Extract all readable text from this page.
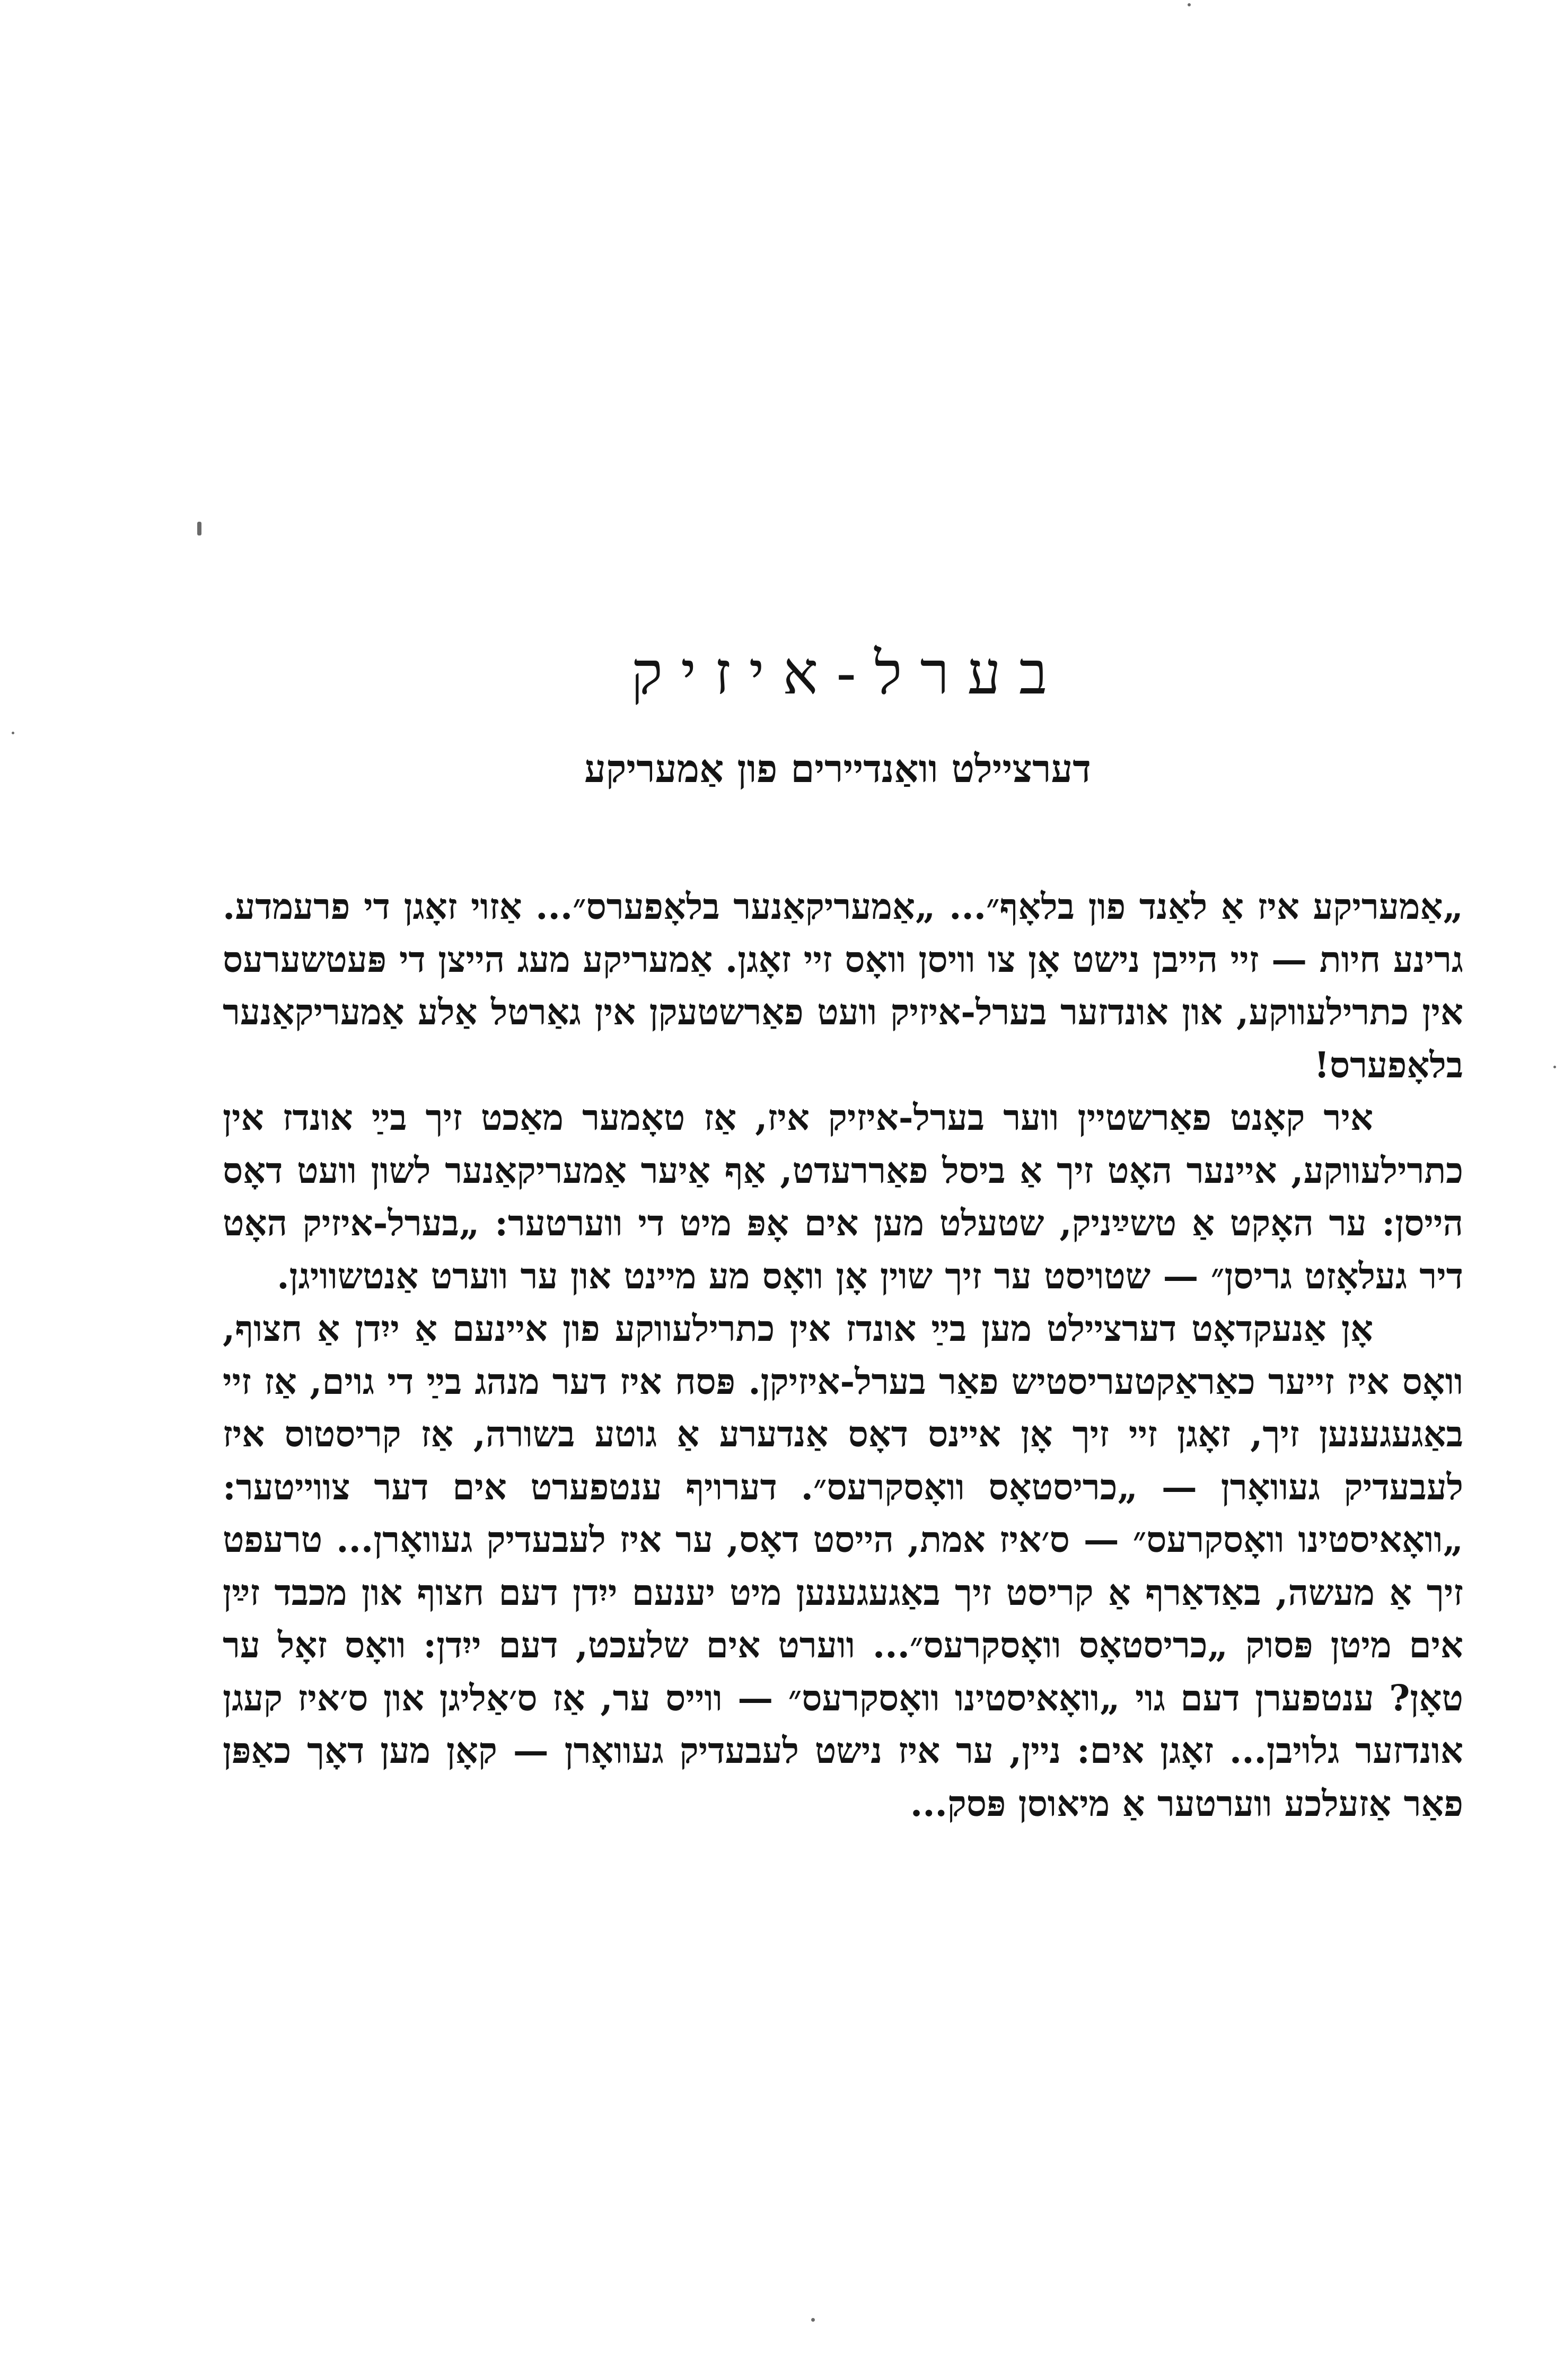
בערל-איזיק
דערציילט וואַנדיירים פון אַמעריקע

„אַמעריקע איז אַ לאַנד פון בלאָף״... „אַמעריקאַנער בלאָפערס״... אַזוי זאָגן די פרעמדע. גרינע חיות — זיי הייבן נישט אָן צו וויסן וואָס זיי זאָגן. אַמעריקע מעג הייצן די פּעטשערעס אין כתרילעווקע, און אונדזער בערל-איזיק וועט פאַרשטעקן אין גאַרטל אַלע אַמעריקאַנער בלאָפערס!

איר קאָנט פאַרשטיין ווער בערל-איזיק איז, אַז טאָמער מאַכט זיך בײַ אונדז אין כתרילעווקע, איינער האָט זיך אַ ביסל פאַררעדט, אַף אַיער אַמעריקאַנער לשון וועט דאָס הייסן: ער האָקט אַ טשײַניק, שטעלט מען אים אָפּ מיט די ווערטער: „בערל-איזיק האָט דיר געלאָזט גריסן״ — שטויסט ער זיך שוין אָן וואָס מע מיינט און ער ווערט אַנטשוויגן.

אָן אַנעקדאָט דערציילט מען בײַ אונדז אין כתרילעווקע פון איינעם אַ ייִדן אַ חצוף, וואָס איז זייער כאַראַקטעריסטיש פאַר בערל-איזיקן. פּסח איז דער מנהג בײַ די גוים, אַז זיי באַגעגענען זיך, זאָגן זיי זיך אָן איינס דאָס אַנדערע אַ גוטע בשורה, אַז קריסטוס איז לעבעדיק געוואָרן — „כריסטאָס וואָסקרעס״. דערויף ענטפערט אים דער צווייטער: „וואָאיסטינו וואָסקרעס״ — ס׳איז אמת, הייסט דאָס, ער איז לעבעדיק געוואָרן... טרעפט זיך אַ מעשה, באַדאַרף אַ קריסט זיך באַגעגענען מיט יענעם ייִדן דעם חצוף און מכבד זײַן אים מיטן פּסוק „כריסטאָס וואָסקרעס״... ווערט אים שלעכט, דעם ייִדן: וואָס זאָל ער טאָן? ענטפערן דעם גוי „וואָאיסטינו וואָסקרעס״ — ווייס ער, אַז ס׳אַליגן און ס׳איז קעגן אונדזער גלויבן... זאָגן אים: ניין, ער איז נישט לעבעדיק געוואָרן — קאָן מען דאָך כאַפּן פאַר אַזעלכע ווערטער אַ מיאוסן פּסק...
